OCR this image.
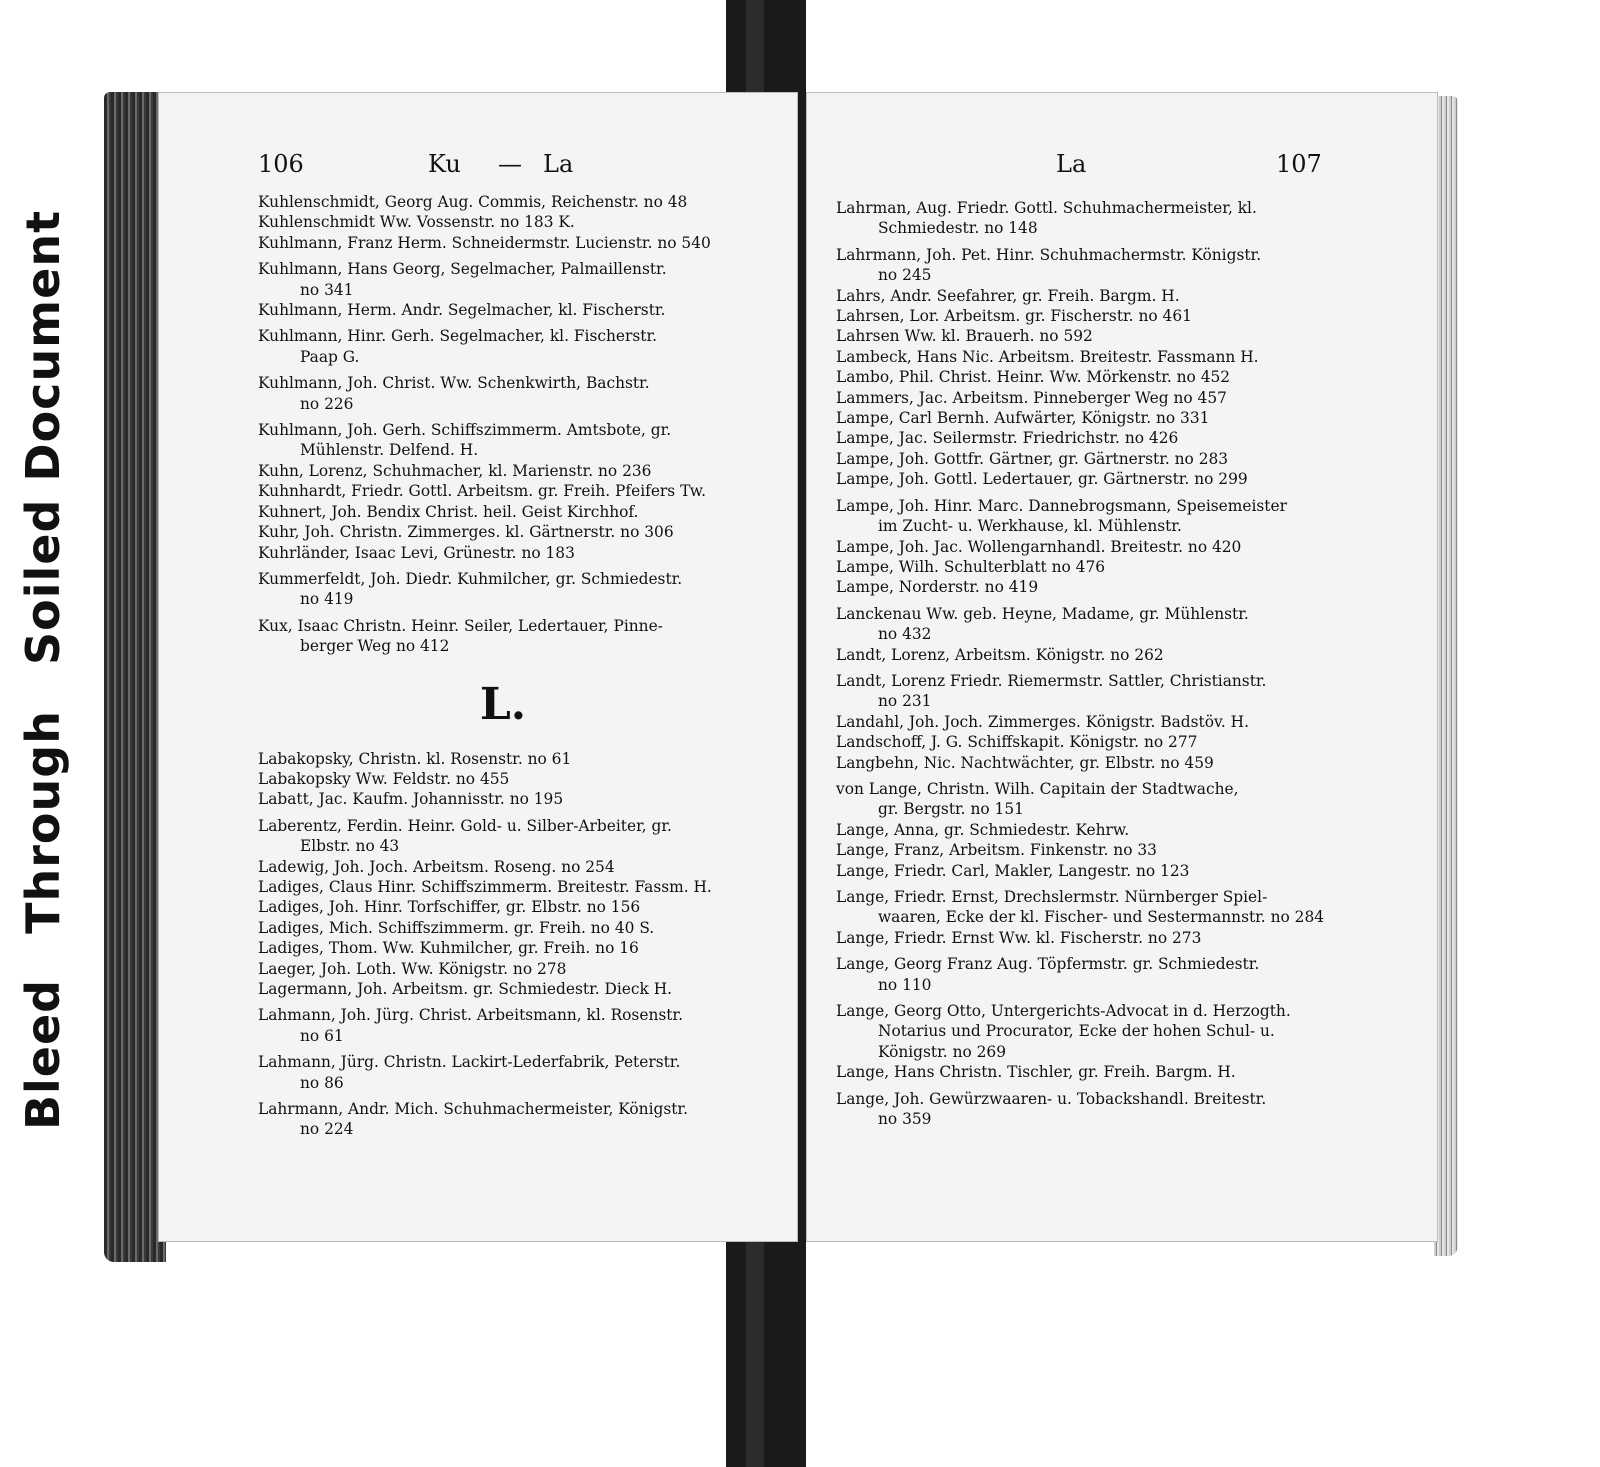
Bleed Through Soiled Document
106	Ku — La
Kuhlenschmidt, Georg Aug. Commis, Reichenstr. no 48
Kuhlenschmidt Ww. Vossenstr. no 183 K.
Kuhlmann, Franz Herm. Schneidermstr. Lucienstr. no 540
Kuhlmann, Hans Georg, Segelmacher, Palmaillenstr.
no 341
Kuhlmann, Herm. Andr. Segelmacher, kl. Fischerstr.
Kuhlmann, Hinr. Gerh. Segelmacher, kl. Fischerstr.
Paap G.
Kuhlmann, Joh. Christ. Ww. Schenkwirth, Bachstr.
no 226
Kuhlmann, Joh. Gerh. Schiffszimmerm. Amtsbote, gr.
Mühlenstr. Delfend. H.
Kuhn, Lorenz, Schuhmacher, kl. Marienstr. no 236
Kuhnhardt, Friedr. Gottl. Arbeitsm. gr. Freih. Pfeifers Tw.
Kuhnert, Joh. Bendix Christ. heil. Geist Kirchhof.
Kuhr, Joh. Christn. Zimmerges. kl. Gärtnerstr. no 306
Kuhrländer, Isaac Levi, Grünestr. no 183
Kummerfeldt, Joh. Diedr. Kuhmilcher, gr. Schmiedestr.
no 419
Kux, Isaac Christn. Heinr. Seiler, Ledertauer, Pinne-
berger Weg no 412
L.
Labakopsky, Christn. kl. Rosenstr. no 61
Labakopsky Ww. Feldstr. no 455
Labatt, Jac. Kaufm. Johannisstr. no 195
Laberentz, Ferdin. Heinr. Gold- u. Silber-Arbeiter, gr.
Elbstr. no 43
Ladewig, Joh. Joch. Arbeitsm. Roseng. no 254
Ladiges, Claus Hinr. Schiffszimmerm. Breitestr. Fassm. H.
Ladiges, Joh. Hinr. Torfschiffer, gr. Elbstr. no 156
Ladiges, Mich. Schiffszimmerm. gr. Freih. no 40 S.
Ladiges, Thom. Ww. Kuhmilcher, gr. Freih. no 16
Laeger, Joh. Loth. Ww. Königstr. no 278
Lagermann, Joh. Arbeitsm. gr. Schmiedestr. Dieck H.
Lahmann, Joh. Jürg. Christ. Arbeitsmann, kl. Rosenstr.
no 61
Lahmann, Jürg. Christn. Lackirt-Lederfabrik, Peterstr.
no 86
Lahrmann, Andr. Mich. Schuhmachermeister, Königstr.
no 224
La	107
Lahrman, Aug. Friedr. Gottl. Schuhmachermeister, kl.
Schmiedestr. no 148
Lahrmann, Joh. Pet. Hinr. Schuhmachermstr. Königstr.
no 245
Lahrs, Andr. Seefahrer, gr. Freih. Bargm. H.
Lahrsen, Lor. Arbeitsm. gr. Fischerstr. no 461
Lahrsen Ww. kl. Brauerh. no 592
Lambeck, Hans Nic. Arbeitsm. Breitestr. Fassmann H.
Lambo, Phil. Christ. Heinr. Ww. Mörkenstr. no 452
Lammers, Jac. Arbeitsm. Pinneberger Weg no 457
Lampe, Carl Bernh. Aufwärter, Königstr. no 331
Lampe, Jac. Seilermstr. Friedrichstr. no 426
Lampe, Joh. Gottfr. Gärtner, gr. Gärtnerstr. no 283
Lampe, Joh. Gottl. Ledertauer, gr. Gärtnerstr. no 299
Lampe, Joh. Hinr. Marc. Dannebrogsmann, Speisemeister
im Zucht- u. Werkhause, kl. Mühlenstr.
Lampe, Joh. Jac. Wollengarnhandl. Breitestr. no 420
Lampe, Wilh. Schulterblatt no 476
Lampe, Norderstr. no 419
Lanckenau Ww. geb. Heyne, Madame, gr. Mühlenstr.
no 432
Landt, Lorenz, Arbeitsm. Königstr. no 262
Landt, Lorenz Friedr. Riemermstr. Sattler, Christianstr.
no 231
Landahl, Joh. Joch. Zimmerges. Königstr. Badstöv. H.
Landschoff, J. G. Schiffskapit. Königstr. no 277
Langbehn, Nic. Nachtwächter, gr. Elbstr. no 459
von Lange, Christn. Wilh. Capitain der Stadtwache,
gr. Bergstr. no 151
Lange, Anna, gr. Schmiedestr. Kehrw.
Lange, Franz, Arbeitsm. Finkenstr. no 33
Lange, Friedr. Carl, Makler, Langestr. no 123
Lange, Friedr. Ernst, Drechslermstr. Nürnberger Spiel-
waaren, Ecke der kl. Fischer- und Sestermannstr. no 284
Lange, Friedr. Ernst Ww. kl. Fischerstr. no 273
Lange, Georg Franz Aug. Töpfermstr. gr. Schmiedestr.
no 110
Lange, Georg Otto, Untergerichts-Advocat in d. Herzogth.
Notarius und Procurator, Ecke der hohen Schul- u. Königstr. no 269
Lange, Hans Christn. Tischler, gr. Freih. Bargm. H.
Lange, Joh. Gewürzwaaren- u. Tobackshandl. Breitestr.
no 359
